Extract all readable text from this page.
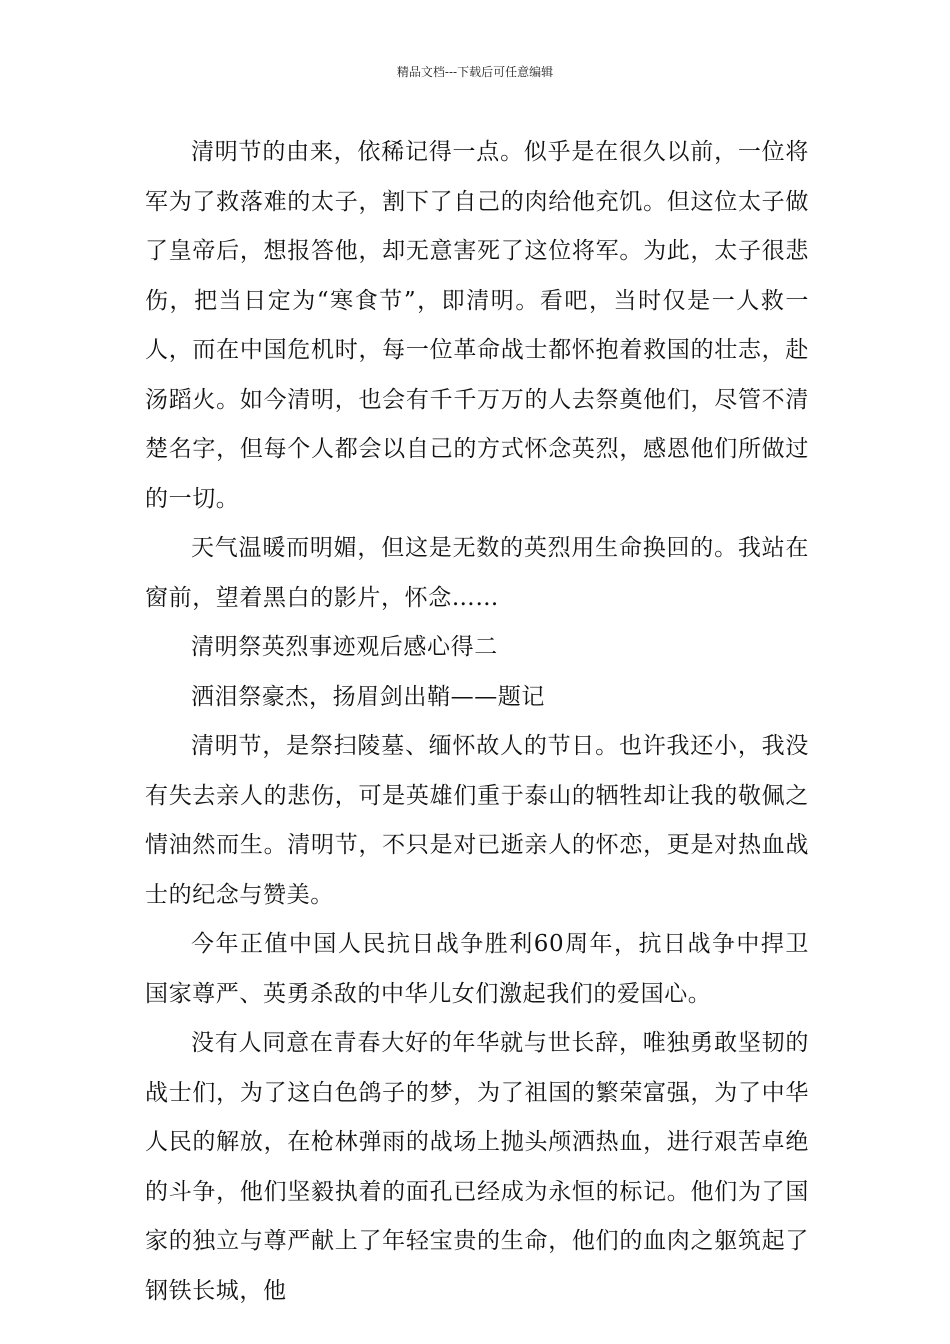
精品文档---下载后可任意编辑

清明节的由来，依稀记得一点。似乎是在很久以前，一位将军为了救落难的太子，割下了自己的肉给他充饥。但这位太子做了皇帝后，想报答他，却无意害死了这位将军。为此，太子很悲伤，把当日定为“寒食节”，即清明。看吧，当时仅是一人救一人，而在中国危机时，每一位革命战士都怀抱着救国的壮志，赴汤蹈火。如今清明，也会有千千万万的人去祭奠他们，尽管不清楚名字，但每个人都会以自己的方式怀念英烈，感恩他们所做过的一切。

天气温暖而明媚，但这是无数的英烈用生命换回的。我站在窗前，望着黑白的影片，怀念……

清明祭英烈事迹观后感心得二

洒泪祭豪杰，扬眉剑出鞘——题记

清明节，是祭扫陵墓、缅怀故人的节日。也许我还小，我没有失去亲人的悲伤，可是英雄们重于泰山的牺牲却让我的敬佩之情油然而生。清明节，不只是对已逝亲人的怀恋，更是对热血战士的纪念与赞美。

今年正值中国人民抗日战争胜利60周年，抗日战争中捍卫国家尊严、英勇杀敌的中华儿女们激起我们的爱国心。

没有人同意在青春大好的年华就与世长辞，唯独勇敢坚韧的战士们，为了这白色鸽子的梦，为了祖国的繁荣富强，为了中华人民的解放，在枪林弹雨的战场上抛头颅洒热血，进行艰苦卓绝的斗争，他们坚毅执着的面孔已经成为永恒的标记。他们为了国家的独立与尊严献上了年轻宝贵的生命，他们的血肉之躯筑起了钢铁长城，他
